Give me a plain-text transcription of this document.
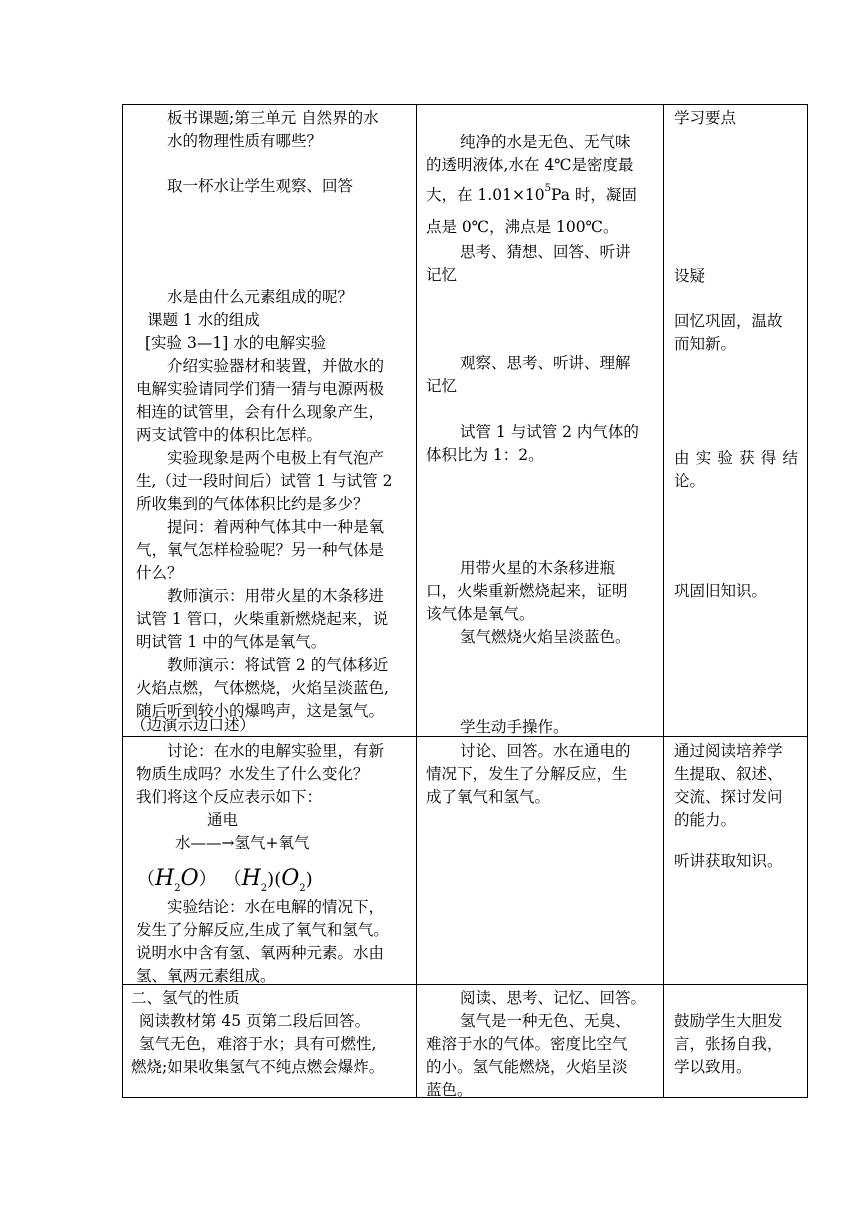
板书课题;第三单元 自然界的水
水的物理性质有哪些？
取一杯水让学生观察、回答
水是由什么元素组成的呢？
课题 1 水的组成
[实验 3—1] 水的电解实验
介绍实验器材和装置，并做水的
电解实验请同学们猜一猜与电源两极
相连的试管里，会有什么现象产生，
两支试管中的体积比怎样。
实验现象是两个电极上有气泡产
生,（过一段时间后）试管 1 与试管 2
所收集到的气体体积比约是多少？
提问：着两种气体其中一种是氧
气，氧气怎样检验呢？另一种气体是
什么？
教师演示：用带火星的木条移进
试管 1 管口，火柴重新燃烧起来，说
明试管 1 中的气体是氧气。
教师演示：将试管 2 的气体移近
火焰点燃，气体燃烧，火焰呈淡蓝色,
随后听到较小的爆鸣声，这是氢气。
（边演示边口述）
纯净的水是无色、无气味
的透明液体,水在 4℃是密度最
大，在 $1.01\times 10^5Pa$ 时，凝固
点是 0℃，沸点是 100℃。
思考、猜想、回答、听讲
记忆
观察、思考、听讲、理解
记忆
试管 1 与试管 2 内气体的
体积比为 1：2。
用带火星的木条移进瓶
口，火柴重新燃烧起来，证明
该气体是氧气。
氢气燃烧火焰呈淡蓝色。
学生动手操作。
学习要点
设疑
回忆巩固，温故
而知新。
由实验获得结
论。
巩固旧知识。
讨论：在水的电解实验里，有新
物质生成吗？水发生了什么变化？
我们将这个反应表示如下：
通电
水——→氢气+氧气
$(H_2O)$ $(H_2)(O_2)$
实验结论：水在电解的情况下，
发生了分解反应,生成了氧气和氢气。
说明水中含有氢、氧两种元素。水由
氢、氧两元素组成。
讨论、回答。水在通电的
情况下，发生了分解反应，生
成了氧气和氢气。
通过阅读培养学
生提取、叙述、
交流、探讨发问
的能力。
听讲获取知识。
二、氢气的性质
阅读教材第 45 页第二段后回答。
氢气无色，难溶于水；具有可燃性,
燃烧;如果收集氢气不纯点燃会爆炸。
阅读、思考、记忆、回答。
氢气是一种无色、无臭、
难溶于水的气体。密度比空气
的小。氢气能燃烧，火焰呈淡
蓝色。
鼓励学生大胆发
言，张扬自我，
学以致用。
